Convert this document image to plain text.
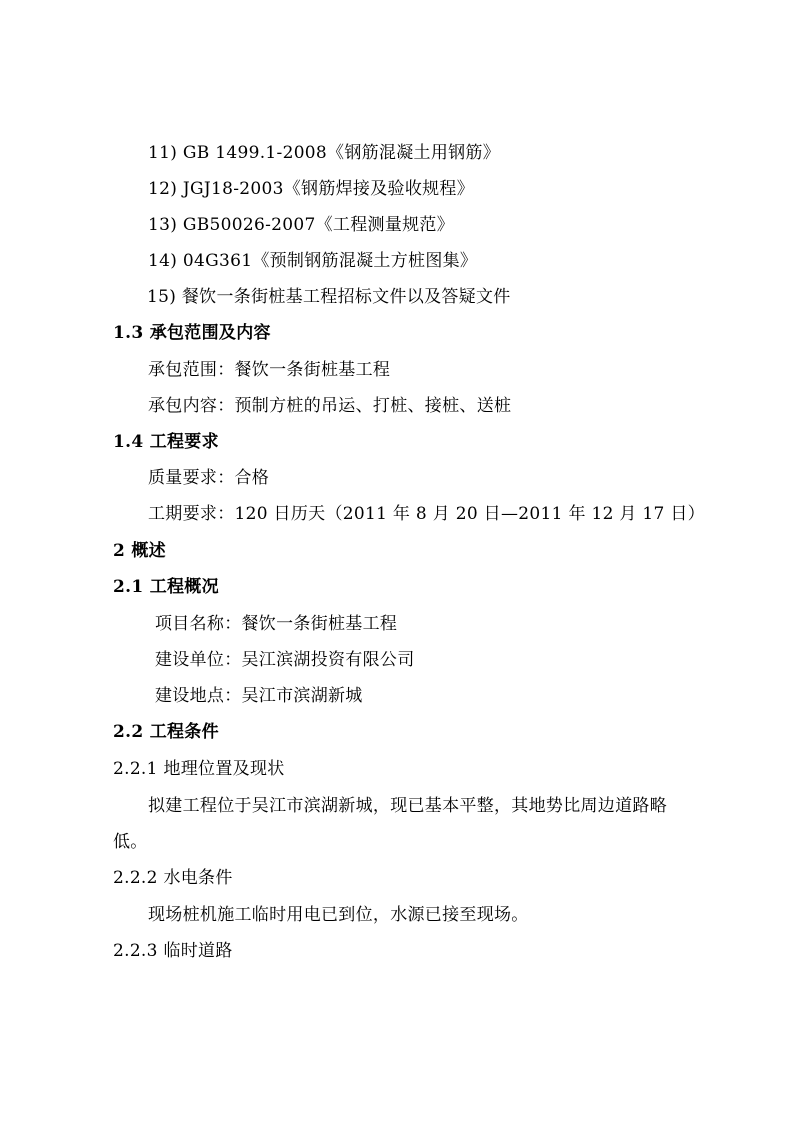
11) GB 1499.1-2008《钢筋混凝土用钢筋》
12) JGJ18-2003《钢筋焊接及验收规程》
13) GB50026-2007《工程测量规范》
14) 04G361《预制钢筋混凝土方桩图集》
15) 餐饮一条街桩基工程招标文件以及答疑文件
1.3 承包范围及内容
承包范围：餐饮一条街桩基工程
承包内容：预制方桩的吊运、打桩、接桩、送桩
1.4 工程要求
质量要求：合格
工期要求：120 日历天（2011 年 8 月 20 日—2011 年 12 月 17 日）
2 概述
2.1 工程概况
项目名称：餐饮一条街桩基工程
建设单位：吴江滨湖投资有限公司
建设地点：吴江市滨湖新城
2.2 工程条件
2.2.1 地理位置及现状
拟建工程位于吴江市滨湖新城，现已基本平整，其地势比周边道路略
低。
2.2.2 水电条件
现场桩机施工临时用电已到位，水源已接至现场。
2.2.3 临时道路
